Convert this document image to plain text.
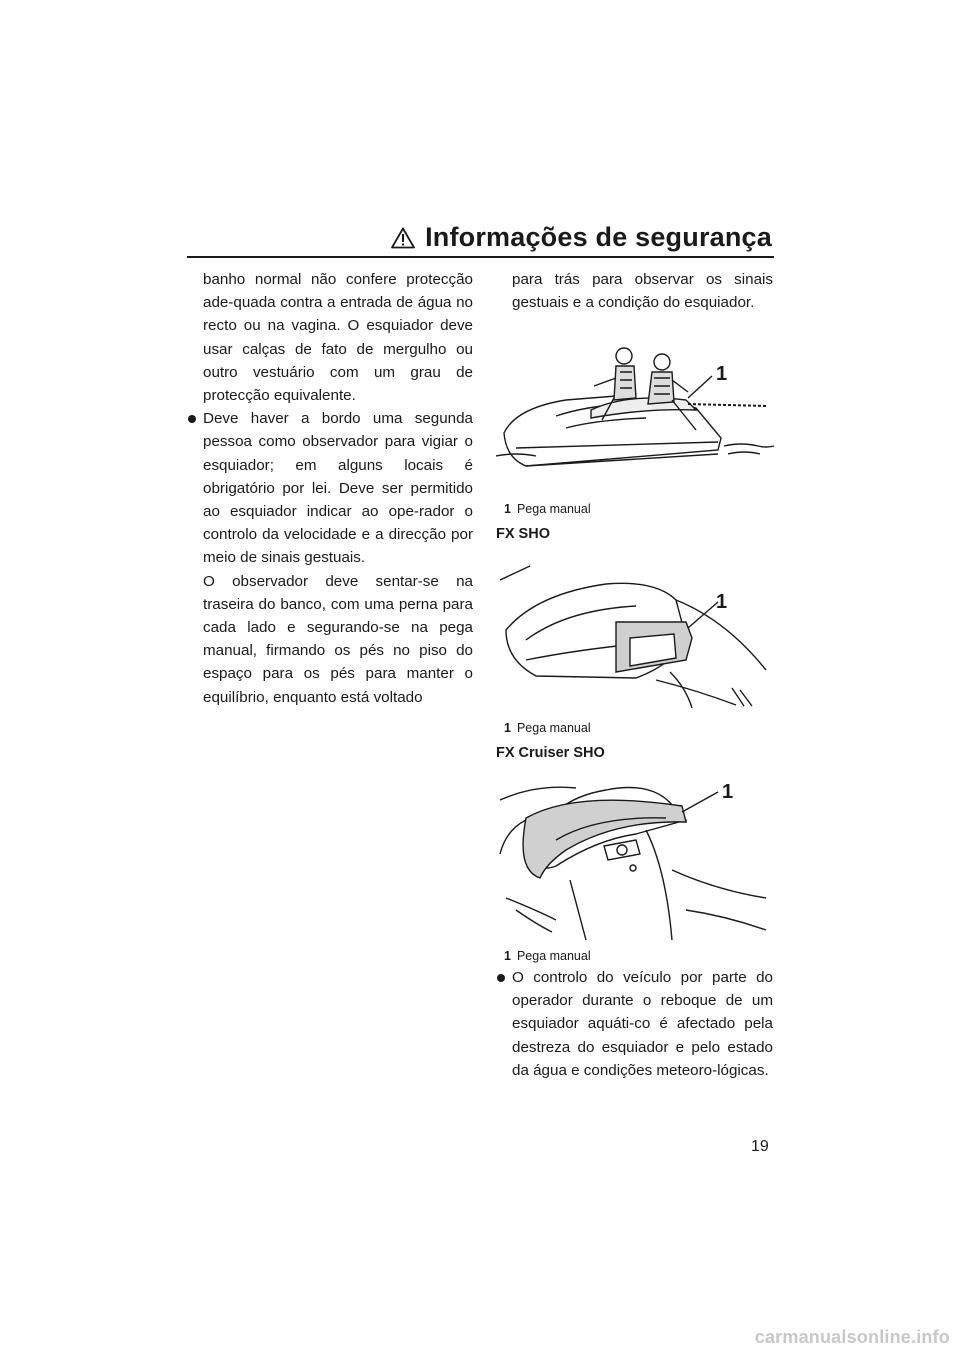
Informações de segurança

banho normal não confere protecção ade-quada contra a entrada de água no recto ou na vagina. O esquiador deve usar calças de fato de mergulho ou outro vestuário com um grau de protecção equivalente.

Deve haver a bordo uma segunda pessoa como observador para vigiar o esquiador; em alguns locais é obrigatório por lei. Deve ser permitido ao esquiador indicar ao ope-rador o controlo da velocidade e a direcção por meio de sinais gestuais.

O observador deve sentar-se na traseira do banco, com uma perna para cada lado e segurando-se na pega manual, firmando os pés no piso do espaço para os pés para manter o equilíbrio, enquanto está voltado

para trás para observar os sinais gestuais e a condição do esquiador.

1
1 Pega manual
FX SHO
1
1 Pega manual
FX Cruiser SHO
1
1 Pega manual
O controlo do veículo por parte do operador durante o reboque de um esquiador aquáti-co é afectado pela destreza do esquiador e pelo estado da água e condições meteoro-lógicas.
19
carmanualsonline.info
